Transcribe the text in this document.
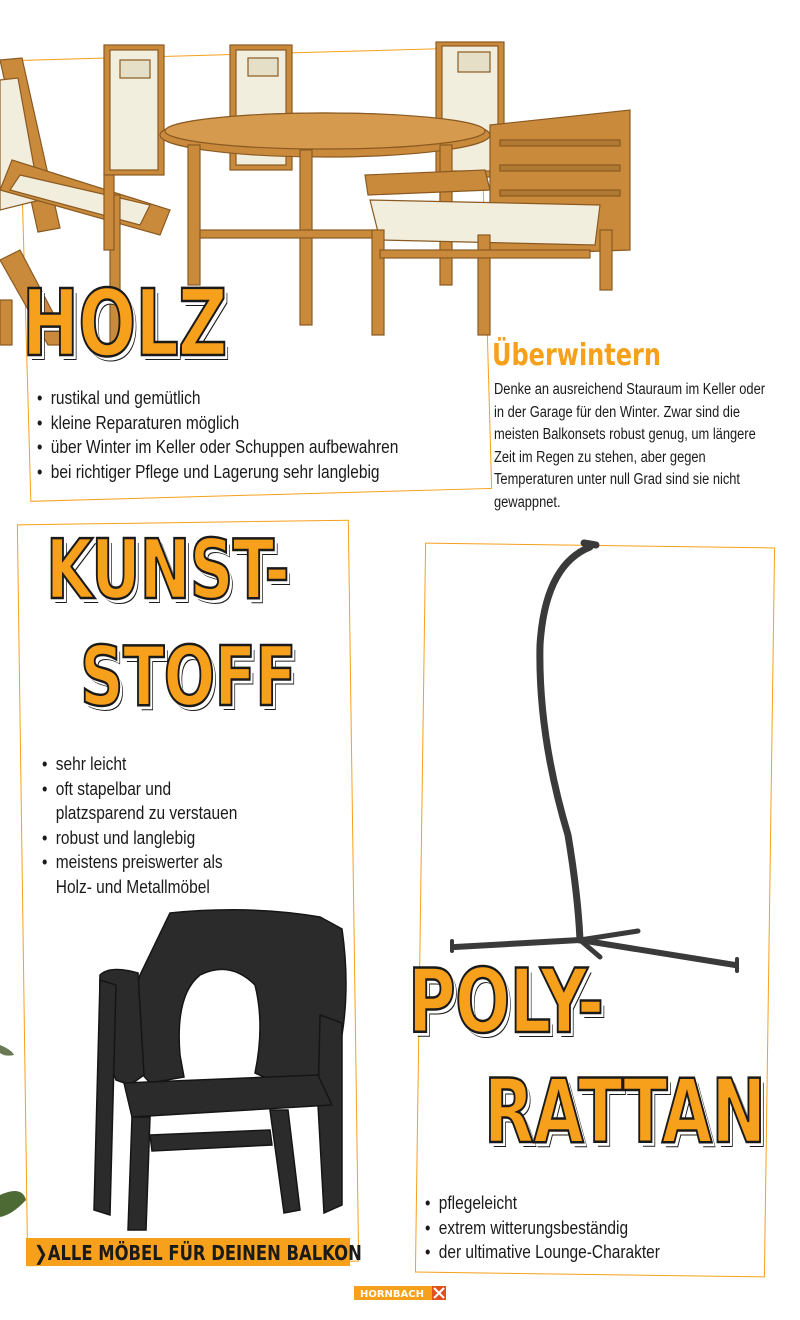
HOLZ
• rustikal und gemütlich
• kleine Reparaturen möglich
• über Winter im Keller oder Schuppen aufbewahren
• bei richtiger Pflege und Lagerung sehr langlebig
Überwintern
Denke an ausreichend Stauraum im Keller oder in der Garage für den Winter. Zwar sind die meisten Balkonsets robust genug, um längere Zeit im Regen zu stehen, aber gegen Temperaturen unter null Grad sind sie nicht gewappnet.
KUNST-
STOFF
• sehr leicht
• oft stapelbar und
platzsparend zu verstauen
• robust und langlebig
• meistens preiswerter als
Holz- und Metallmöbel
POLY-
RATTAN
• pflegeleicht
• extrem witterungsbeständig
• der ultimative Lounge-Charakter
❯ALLE MÖBEL FÜR DEINEN BALKON
HORNBACH
